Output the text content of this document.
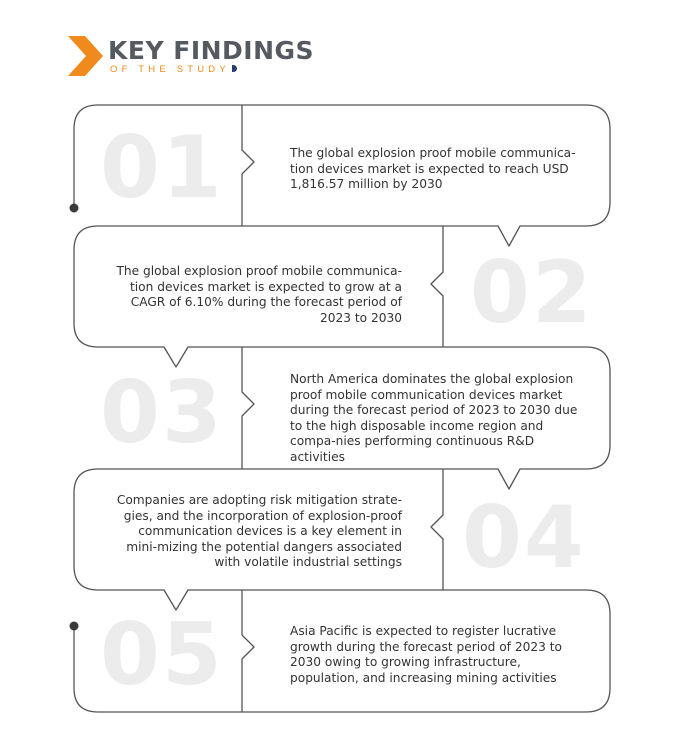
KEY FINDINGS
OF THE STUDY
01	The global explosion proof mobile communica-tion devices market is expected to reach USD 1,816.57 million by 2030
02
The global explosion proof mobile communica-tion devices market is expected to grow at a CAGR of 6.10% during the forecast period of 2023 to 2030
03	North America dominates the global explosion proof mobile communication devices market during the forecast period of 2023 to 2030 due to the high disposable income region and compa-nies performing continuous R&D activities
04
Companies are adopting risk mitigation strate-gies, and the incorporation of explosion-proof communication devices is a key element in mini-mizing the potential dangers associated with volatile industrial settings
05	Asia Pacific is expected to register lucrative growth during the forecast period of 2023 to 2030 owing to growing infrastructure, population, and increasing mining activities
